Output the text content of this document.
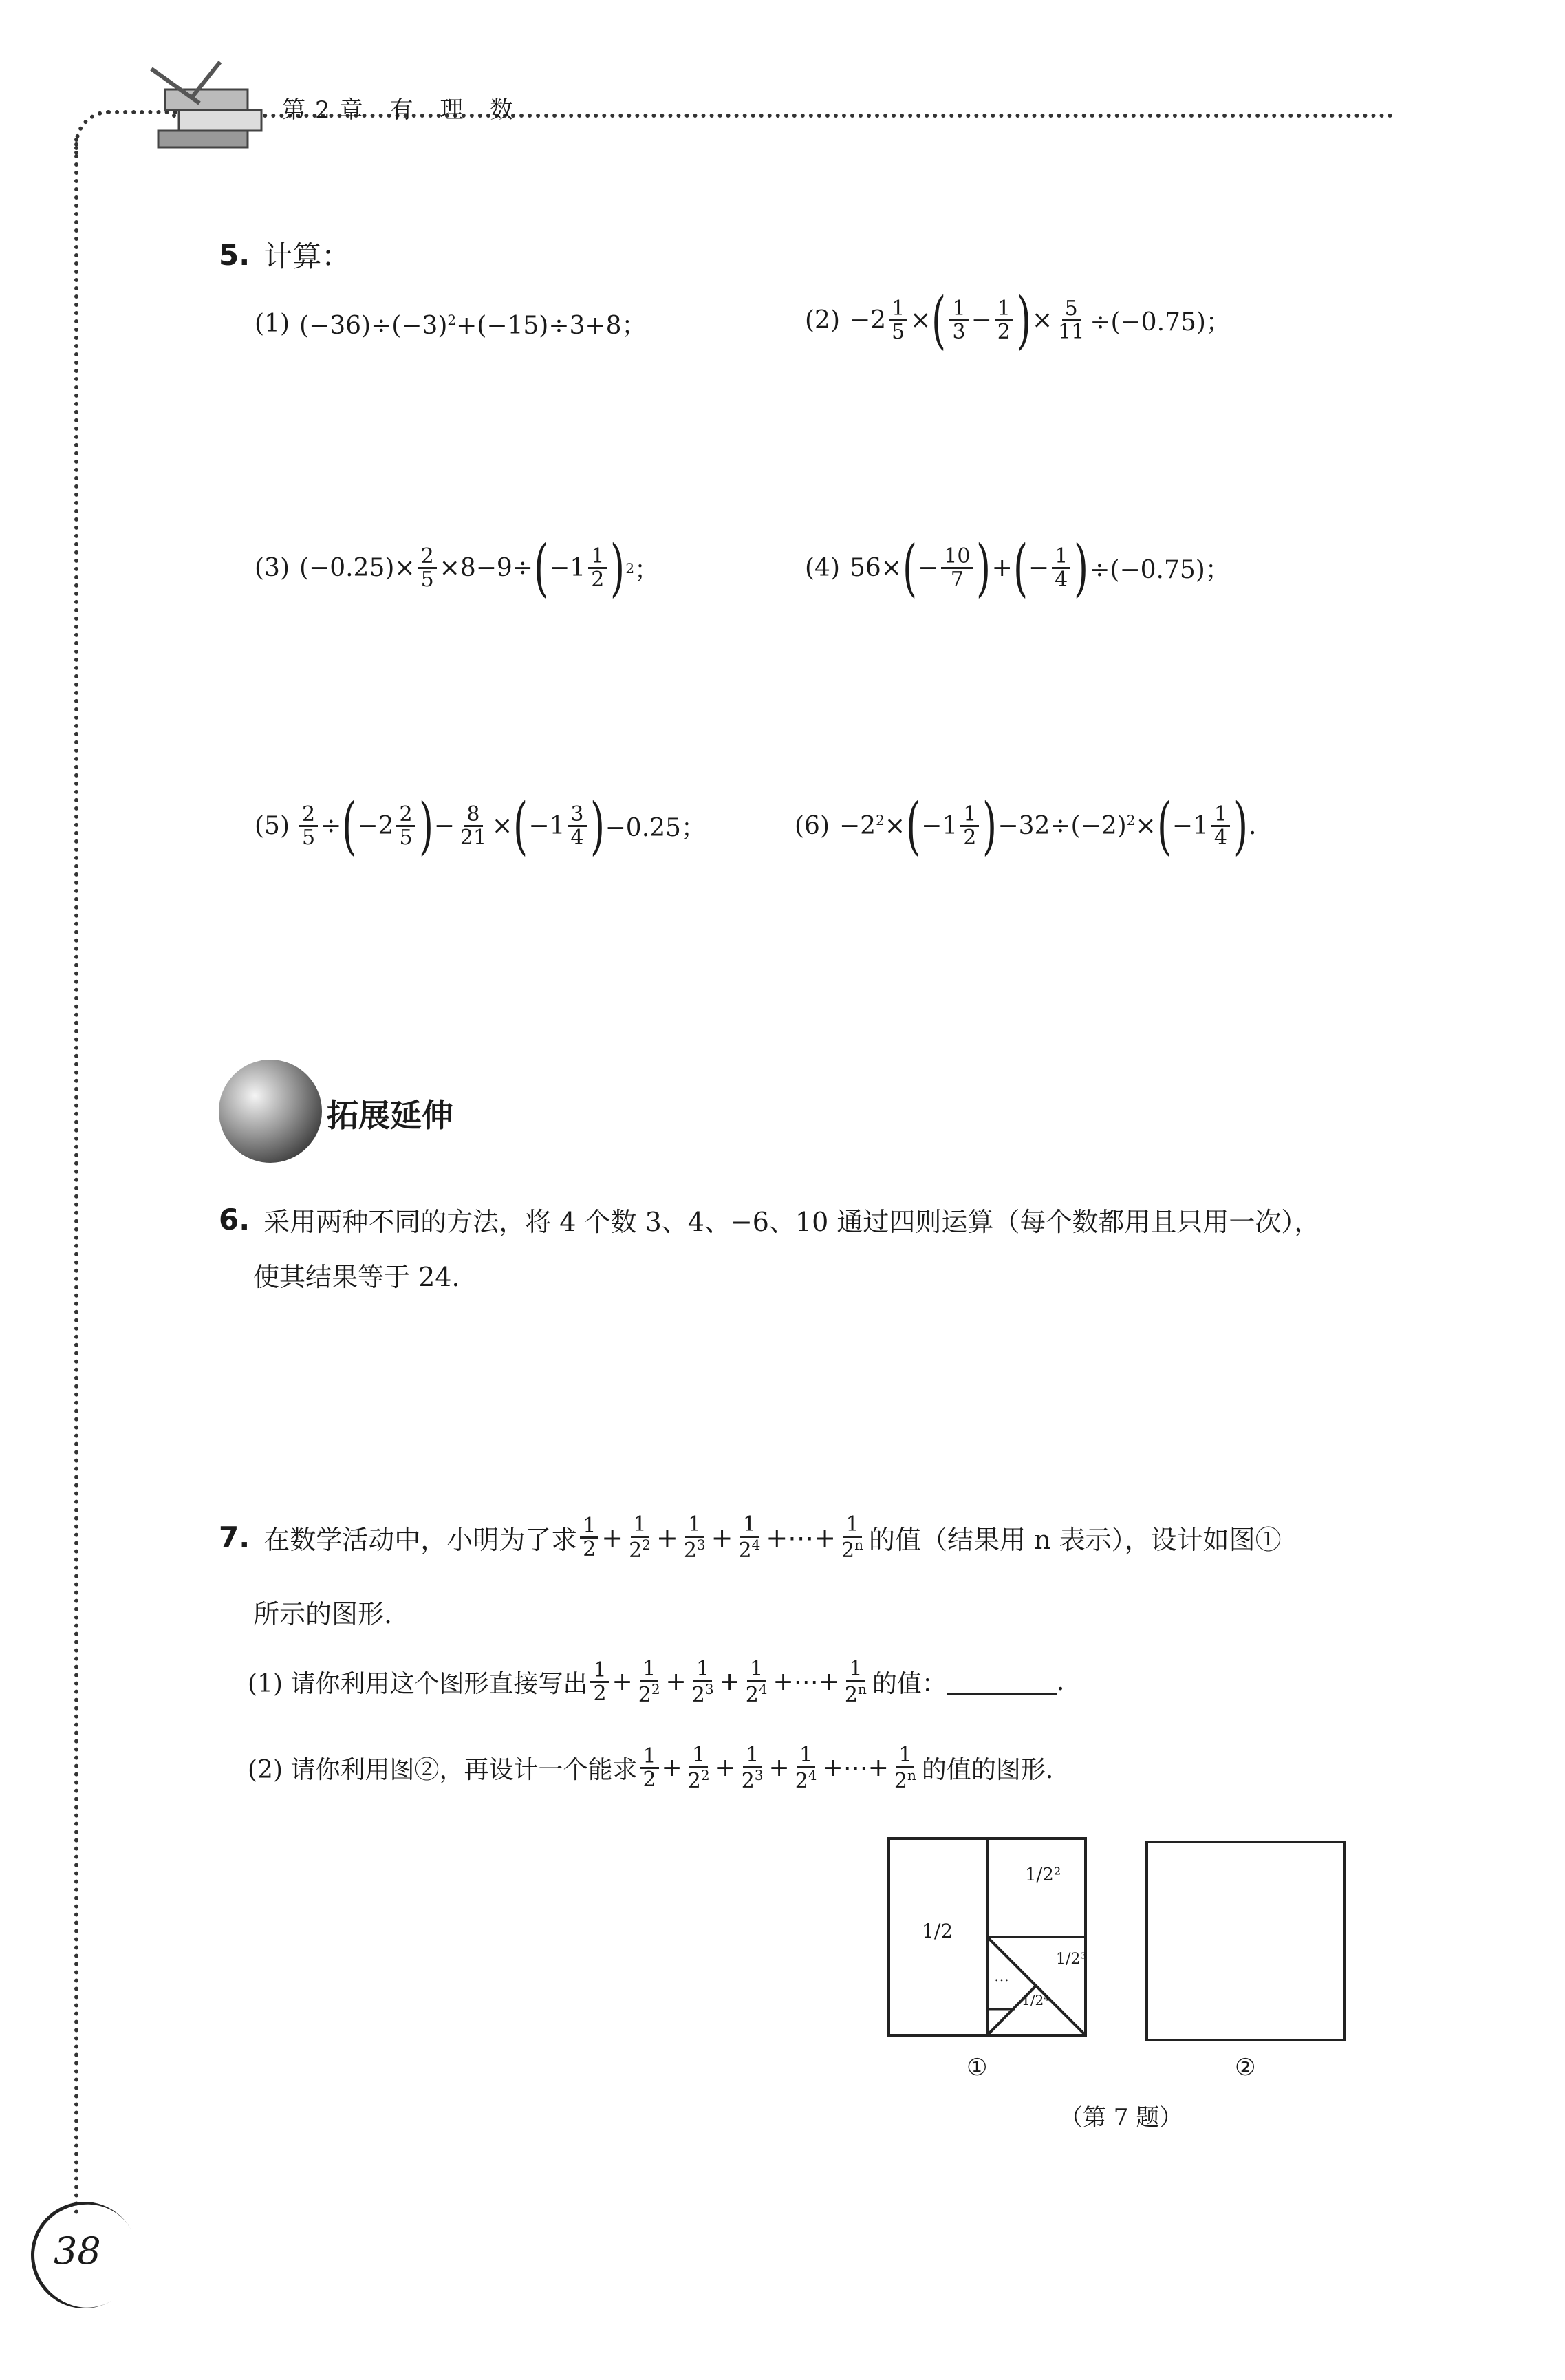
第2章 有 理 数
5. 计算：
(1) $(-36)\div(-3)^2+(-15)\div 3+8$；	$(2) -2 \frac{1}{5}$ × ( $\frac{1}{3} - \frac{1}{2}$ ) × $\frac{5}{11} \div(-0.75)$；
(3) $(-0.25)\times \frac{2}{5} \times 8-9\div$ ( $-1 \frac{1}{2}$ ) 2 ；	(4) 56× ( − $\frac{10}{7}$ ) + ( − $\frac{1}{4}$ ) ÷(−0.75)；
$(5) \frac{2}{5}$ ÷ ( $-2 \frac{2}{5}$ ) − $\frac{8}{21}$ × ( $-1 \frac{3}{4}$ ) −0.25；	$(6) -2^2\times$ ( $-1 \frac{1}{2}$ ) $-32\div(-2)^2\times$ ( $-1 \frac{1}{4}$ ) .
拓展延伸
6. 采用两种不同的方法，将 4 个数 3、4、−6、10 通过四则运算（每个数都用且只用一次），
使其结果等于 24.
7. 在数学活动中，小明为了求 $\frac{1}{2} + \frac{1}{2^2} + \frac{1}{2^3} + \frac{1}{2^4}$ +⋯+ $\frac{1}{2^n}$ 的值（结果用 n 表示），设计如图①
所示的图形.
(1) 请你利用这个图形直接写出 $\frac{1}{2} + \frac{1}{2^2} + \frac{1}{2^3} + \frac{1}{2^4}$ +⋯+ $\frac{1}{2^n}$ 的值：	.
(2) 请你利用图②，再设计一个能求 $\frac{1}{2} + \frac{1}{2^2} + \frac{1}{2^3} + \frac{1}{2^4}$ +⋯+ $\frac{1}{2^n}$ 的值的图形.
1/2
1/2²
1/2³
1/2⁴
…
①	②
（第 7 题）
38
